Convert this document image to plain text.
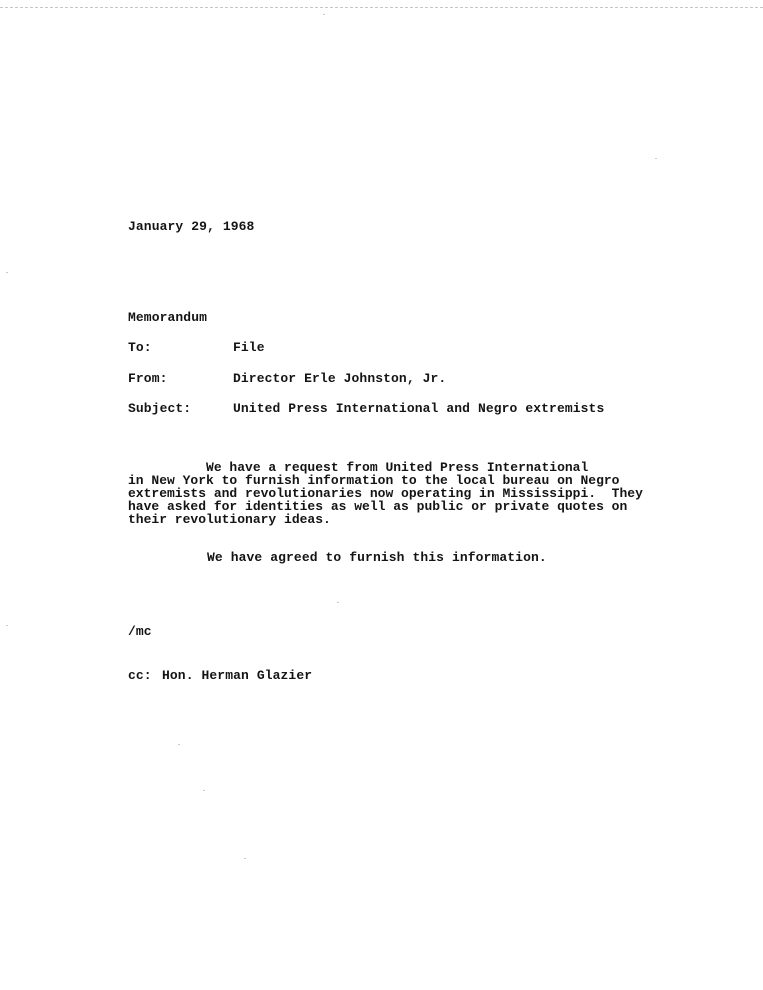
January 29, 1968
Memorandum
To:	File
From:	Director Erle Johnston, Jr.
Subject:	United Press International and Negro extremists
We have a request from United Press International
in New York to furnish information to the local bureau on Negro
extremists and revolutionaries now operating in Mississippi.  They
have asked for identities as well as public or private quotes on
their revolutionary ideas.
We have agreed to furnish this information.
/mc
cc: Hon. Herman Glazier
